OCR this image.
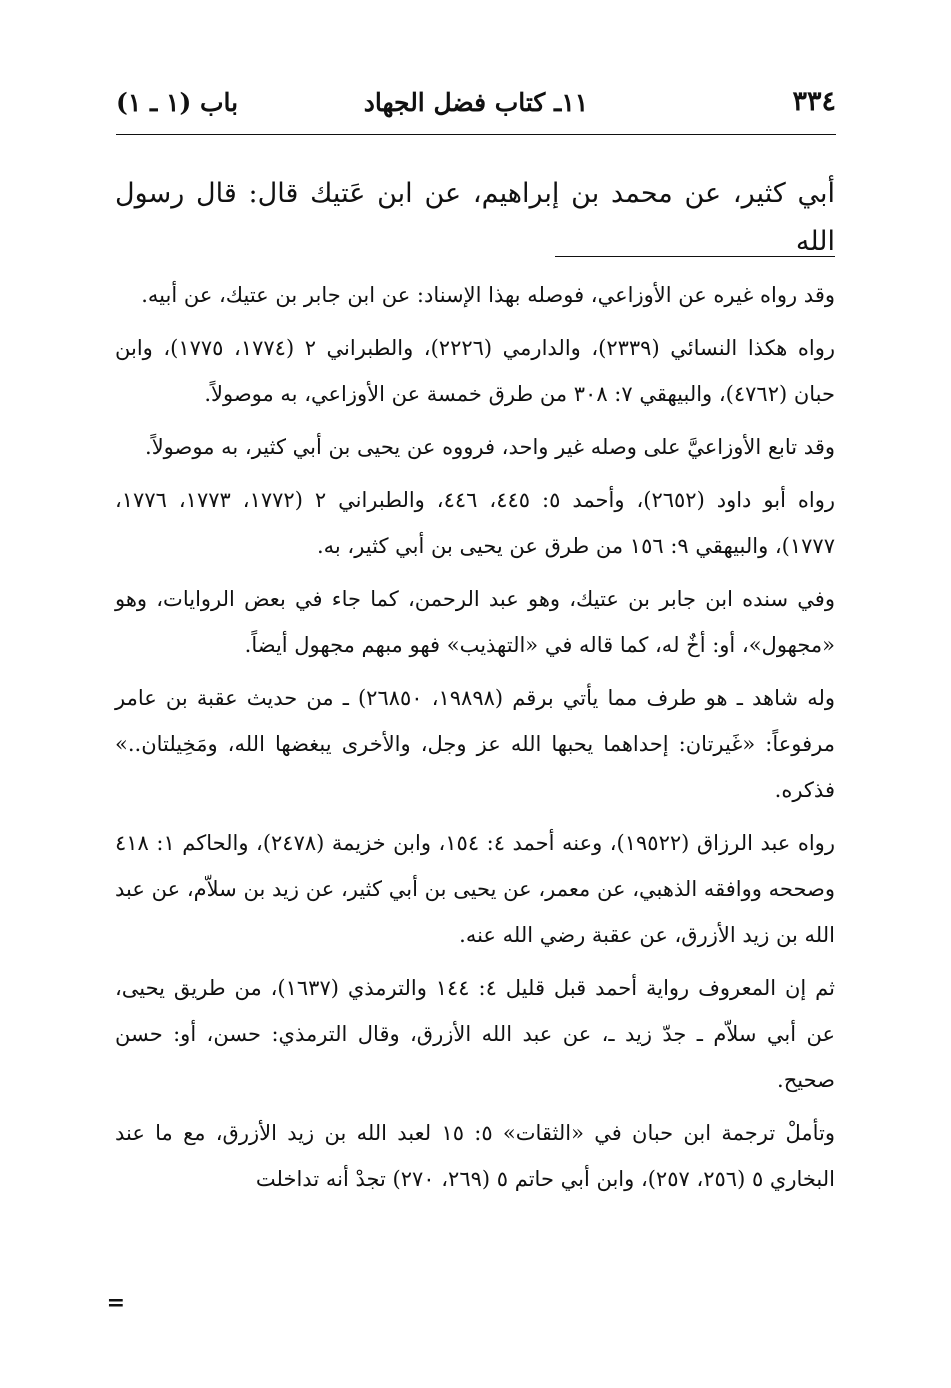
٣٣٤
١١ـ كتاب فضل الجهاد
باب (١ ـ ١)
أبي كثير، عن محمد بن إبراهيم، عن ابن عَتيك قال: قال رسول الله

وقد رواه غيره عن الأوزاعي، فوصله بهذا الإسناد: عن ابن جابر بن عتيك، عن أبيه.

رواه هكذا النسائي (٢٣٣٩)، والدارمي (٢٢٢٦)، والطبراني ٢ (١٧٧٤، ١٧٧٥)، وابن حبان (٤٧٦٢)، والبيهقي ٧: ٣٠٨ من طرق خمسة عن الأوزاعي، به موصولاً.

وقد تابع الأوزاعيَّ على وصله غير واحد، فرووه عن يحيى بن أبي كثير، به موصولاً.

رواه أبو داود (٢٦٥٢)، وأحمد ٥: ٤٤٥، ٤٤٦، والطبراني ٢ (١٧٧٢، ١٧٧٣، ١٧٧٦، ١٧٧٧)، والبيهقي ٩: ١٥٦ من طرق عن يحيى بن أبي كثير، به.

وفي سنده ابن جابر بن عتيك، وهو عبد الرحمن، كما جاء في بعض الروايات، وهو «مجهول»، أو: أخٌ له، كما قاله في «التهذيب» فهو مبهم مجهول أيضاً.

وله شاهد ـ هو طرف مما يأتي برقم (١٩٨٩٨، ٢٦٨٥٠) ـ من حديث عقبة بن عامر مرفوعاً: «غَيرتان: إحداهما يحبها الله عز وجل، والأخرى يبغضها الله، ومَخِيلتان..» فذكره.

رواه عبد الرزاق (١٩٥٢٢)، وعنه أحمد ٤: ١٥٤، وابن خزيمة (٢٤٧٨)، والحاكم ١: ٤١٨ وصححه ووافقه الذهبي، عن معمر، عن يحيى بن أبي كثير، عن زيد بن سلاّم، عن عبد الله بن زيد الأزرق، عن عقبة رضي الله عنه.

ثم إن المعروف رواية أحمد قبل قليل ٤: ١٤٤ والترمذي (١٦٣٧)، من طريق يحيى، عن أبي سلاّم ـ جدّ زيد ـ، عن عبد الله الأزرق، وقال الترمذي: حسن، أو: حسن صحيح.

وتأملْ ترجمة ابن حبان في «الثقات» ٥: ١٥ لعبد الله بن زيد الأزرق، مع ما عند البخاري ٥ (٢٥٦، ٢٥٧)، وابن أبي حاتم ٥ (٢٦٩، ٢٧٠) تجدْ أنه تداخلت

=
